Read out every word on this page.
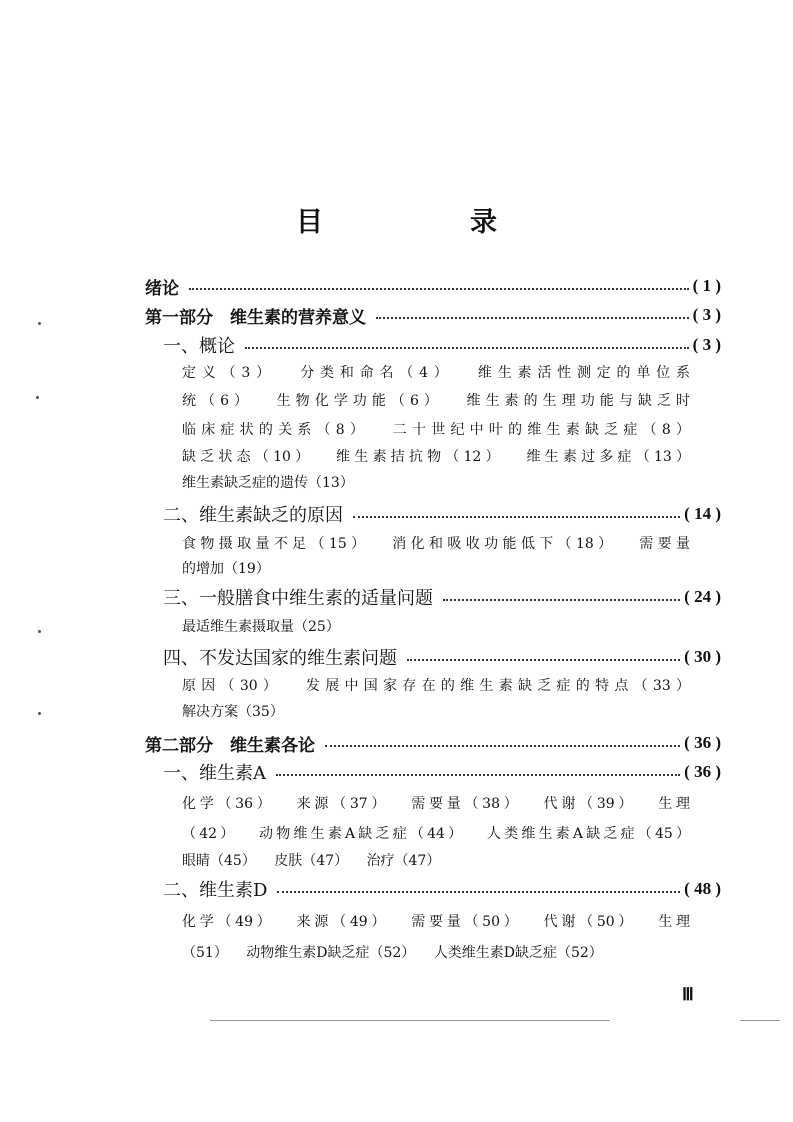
目　录
绪论	( 1 )
第一部分　维生素的营养意义	( 3 )
一、概论	( 3 )
定义（3） 分类和命名（4） 维生素活性测定的单位系
统（6） 生物化学功能（6） 维生素的生理功能与缺乏时
临床症状的关系（8） 二十世纪中叶的维生素缺乏症（8）
缺乏状态（10） 维生素拮抗物（12） 维生素过多症（13）
维生素缺乏症的遗传（13）
二、维生素缺乏的原因	( 14 )
食物摄取量不足（15） 消化和吸收功能低下（18） 需要量
的增加（19）
三、一般膳食中维生素的适量问题	( 24 )
最适维生素摄取量（25）
四、不发达国家的维生素问题	( 30 )
原因（30） 发展中国家存在的维生素缺乏症的特点（33）
解决方案（35）
第二部分　维生素各论	( 36 )
一、维生素A	( 36 )
化学（36） 来源（37） 需要量（38） 代谢（39） 生理
（42） 动物维生素A缺乏症（44） 人类维生素A缺乏症（45）
眼睛（45） 皮肤（47） 治疗（47）
二、维生素D	( 48 )
化学（49） 来源（49） 需要量（50） 代谢（50） 生理
（51） 动物维生素D缺乏症（52） 人类维生素D缺乏症（52）
Ⅲ
